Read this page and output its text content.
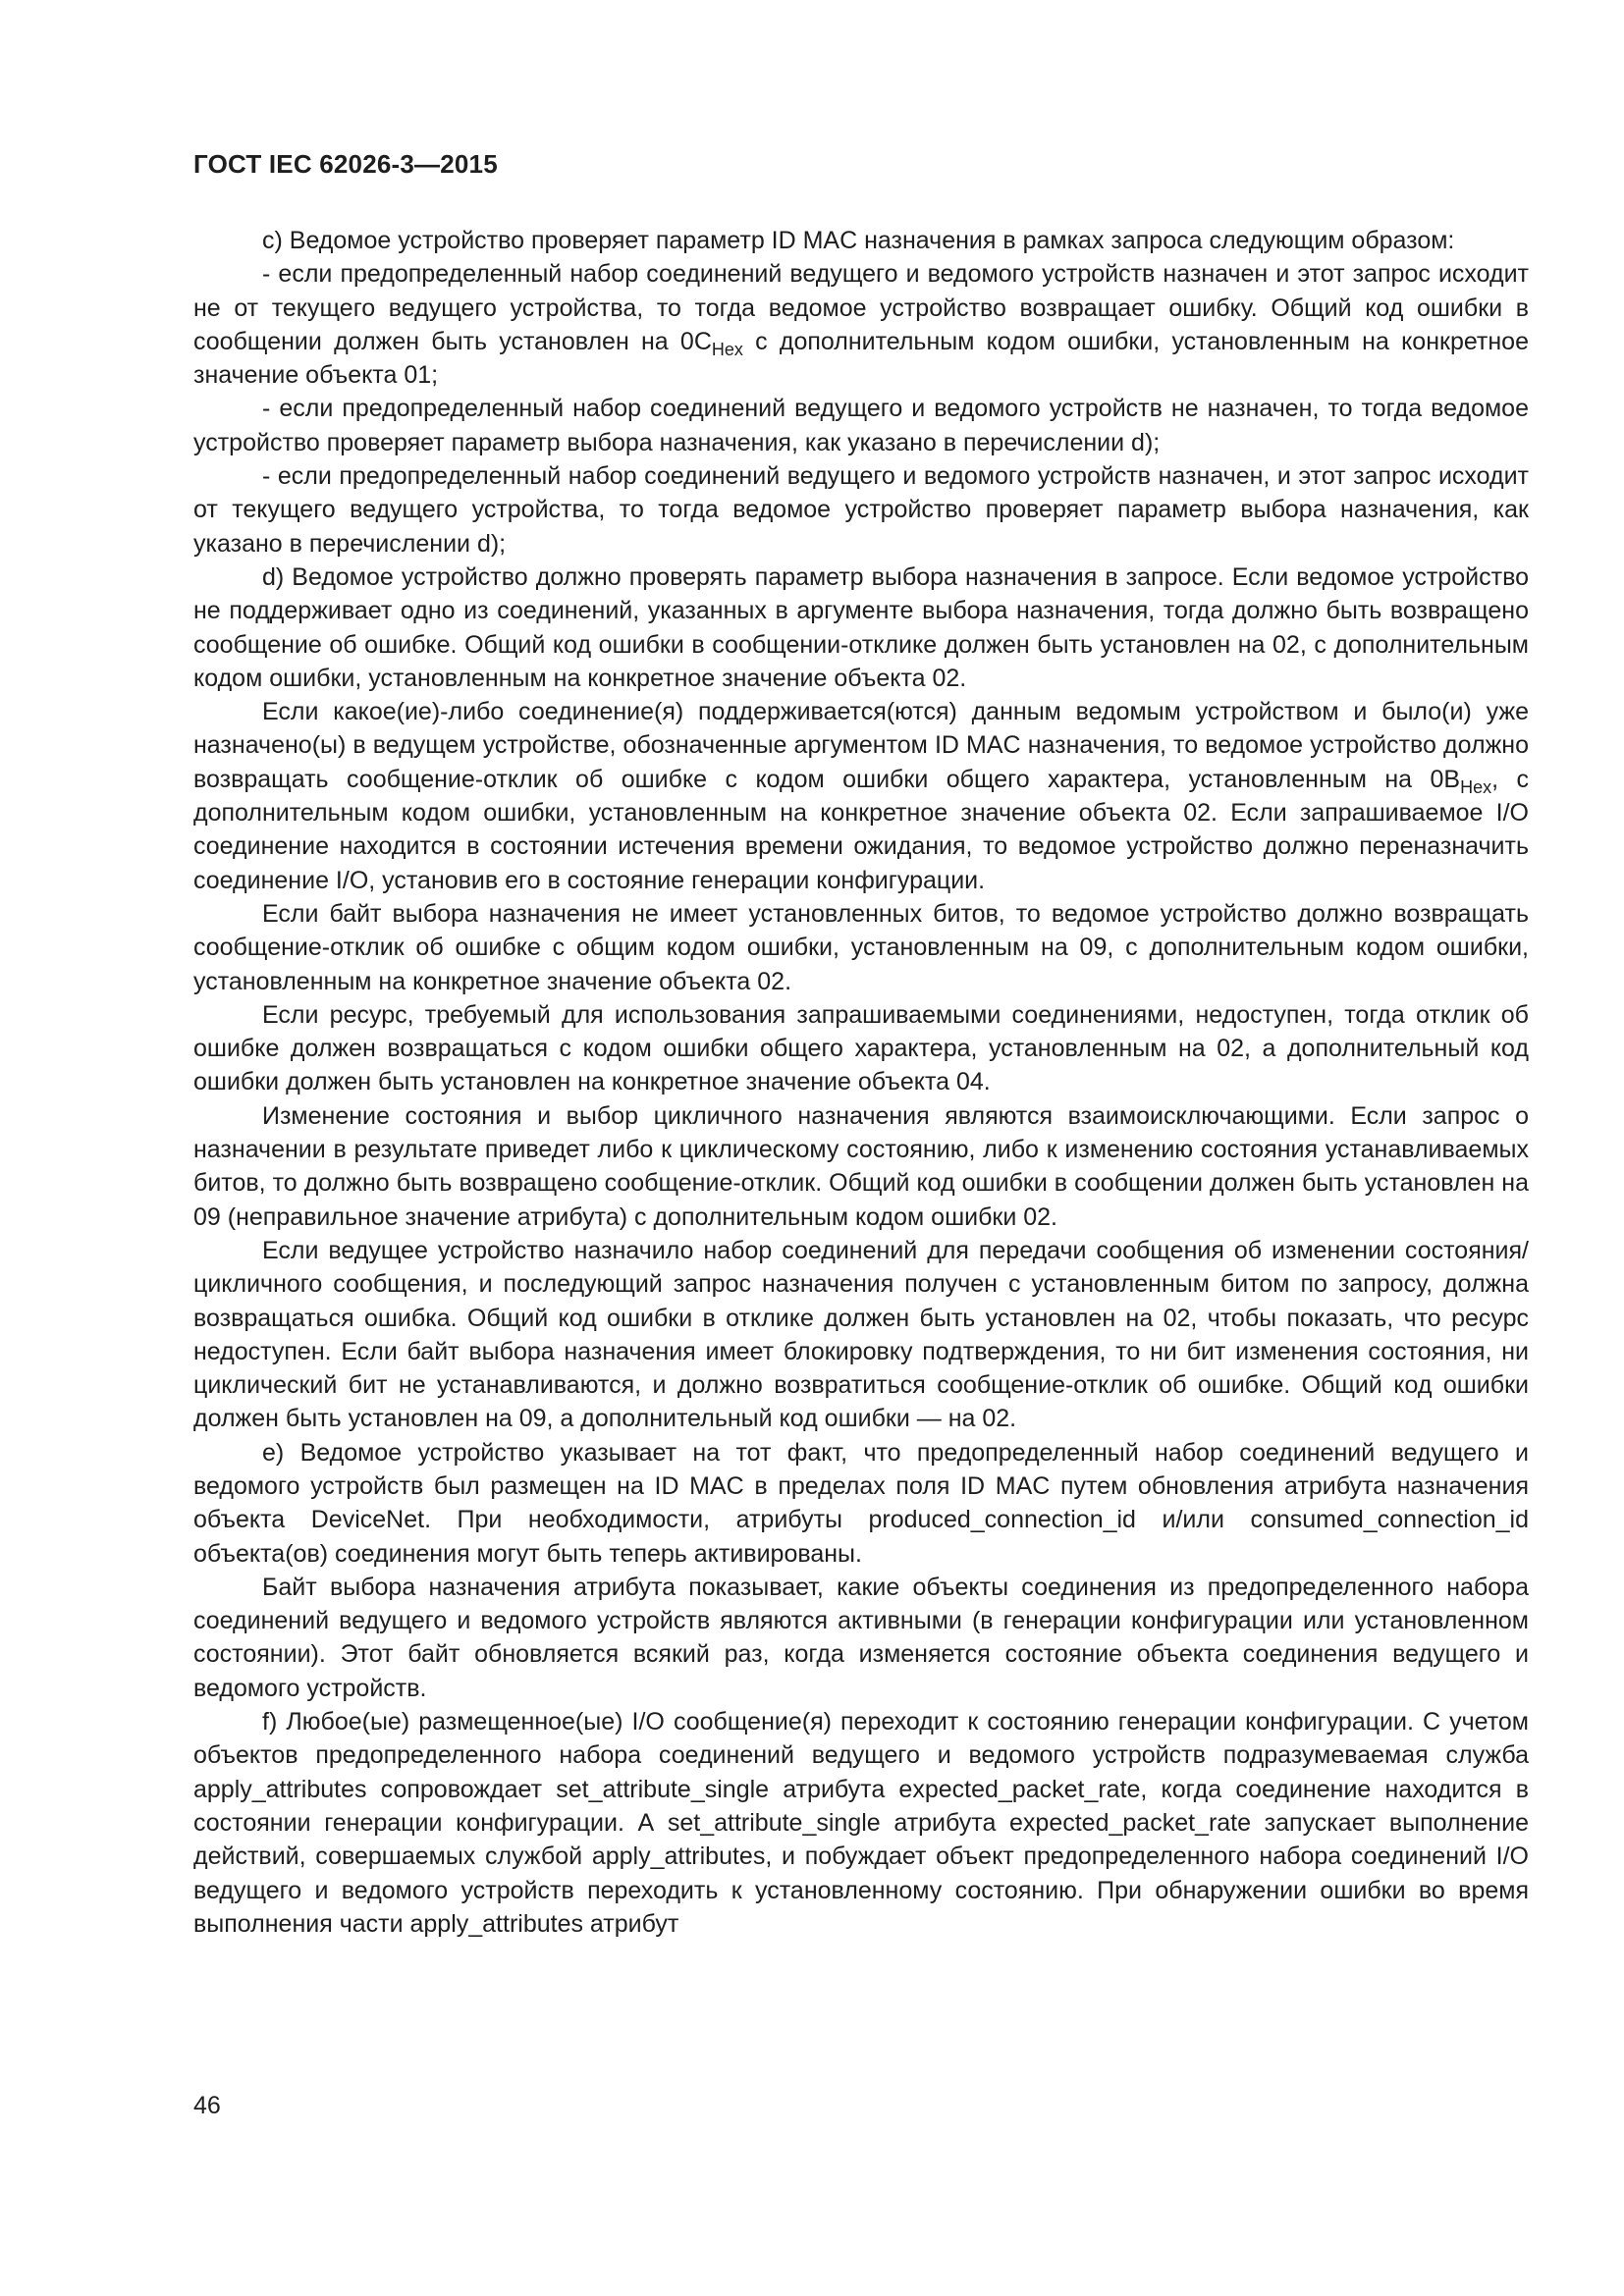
ГОСТ IEC 62026-3—2015

c) Ведомое устройство проверяет параметр ID MAC назначения в рамках запроса следующим образом:

- если предопределенный набор соединений ведущего и ведомого устройств назначен и этот запрос исходит не от текущего ведущего устройства, то тогда ведомое устройство возвращает ошибку. Общий код ошибки в сообщении должен быть установлен на $0C_{Hex}$ с дополнительным кодом ошибки, установленным на конкретное значение объекта 01;

- если предопределенный набор соединений ведущего и ведомого устройств не назначен, то тогда ведомое устройство проверяет параметр выбора назначения, как указано в перечислении d);

- если предопределенный набор соединений ведущего и ведомого устройств назначен, и этот запрос исходит от текущего ведущего устройства, то тогда ведомое устройство проверяет параметр выбора назначения, как указано в перечислении d);

d) Ведомое устройство должно проверять параметр выбора назначения в запросе. Если ведомое устройство не поддерживает одно из соединений, указанных в аргументе выбора назначения, тогда должно быть возвращено сообщение об ошибке. Общий код ошибки в сообщении-отклике должен быть установлен на 02, с дополнительным кодом ошибки, установленным на конкретное значение объекта 02.

Если какое(ие)-либо соединение(я) поддерживается(ются) данным ведомым устройством и было(и) уже назначено(ы) в ведущем устройстве, обозначенные аргументом ID MAC назначения, то ведомое устройство должно возвращать сообщение-отклик об ошибке с кодом ошибки общего характера, установленным на $0B_{Hex}$, с дополнительным кодом ошибки, установленным на конкретное значение объекта 02. Если запрашиваемое I/O соединение находится в состоянии истечения времени ожидания, то ведомое устройство должно переназначить соединение I/O, установив его в состояние генерации конфигурации.

Если байт выбора назначения не имеет установленных битов, то ведомое устройство должно возвращать сообщение-отклик об ошибке с общим кодом ошибки, установленным на 09, с дополнительным кодом ошибки, установленным на конкретное значение объекта 02.

Если ресурс, требуемый для использования запрашиваемыми соединениями, недоступен, тогда отклик об ошибке должен возвращаться с кодом ошибки общего характера, установленным на 02, а дополнительный код ошибки должен быть установлен на конкретное значение объекта 04.

Изменение состояния и выбор цикличного назначения являются взаимоисключающими. Если запрос о назначении в результате приведет либо к циклическому состоянию, либо к изменению состояния устанавливаемых битов, то должно быть возвращено сообщение-отклик. Общий код ошибки в сообщении должен быть установлен на 09 (неправильное значение атрибута) с дополнительным кодом ошибки 02.

Если ведущее устройство назначило набор соединений для передачи сообщения об изменении состояния/цикличного сообщения, и последующий запрос назначения получен с установленным битом по запросу, должна возвращаться ошибка. Общий код ошибки в отклике должен быть установлен на 02, чтобы показать, что ресурс недоступен. Если байт выбора назначения имеет блокировку подтверждения, то ни бит изменения состояния, ни циклический бит не устанавливаются, и должно возвратиться сообщение-отклик об ошибке. Общий код ошибки должен быть установлен на 09, а дополнительный код ошибки — на 02.

e) Ведомое устройство указывает на тот факт, что предопределенный набор соединений ведущего и ведомого устройств был размещен на ID MAC в пределах поля ID MAC путем обновления атрибута назначения объекта DeviceNet. При необходимости, атрибуты produced_connection_id и/или consumed_​connection_id объекта(ов) соединения могут быть теперь активированы.

Байт выбора назначения атрибута показывает, какие объекты соединения из предопределенного набора соединений ведущего и ведомого устройств являются активными (в генерации конфигурации или установленном состоянии). Этот байт обновляется всякий раз, когда изменяется состояние объекта соединения ведущего и ведомого устройств.

f) Любое(ые) размещенное(ые) I/O сообщение(я) переходит к состоянию генерации конфигурации. С учетом объектов предопределенного набора соединений ведущего и ведомого устройств подразумеваемая служба apply_attributes сопровождает set_attribute_single атрибута expected_packet_rate, когда соединение находится в состоянии генерации конфигурации. А set_attribute_single атрибута expected_packet_rate запускает выполнение действий, совершаемых службой apply_attributes, и побуждает объект предопределенного набора соединений I/O ведущего и ведомого устройств переходить к установленному состоянию. При обнаружении ошибки во время выполнения части apply_attributes атрибут

46
